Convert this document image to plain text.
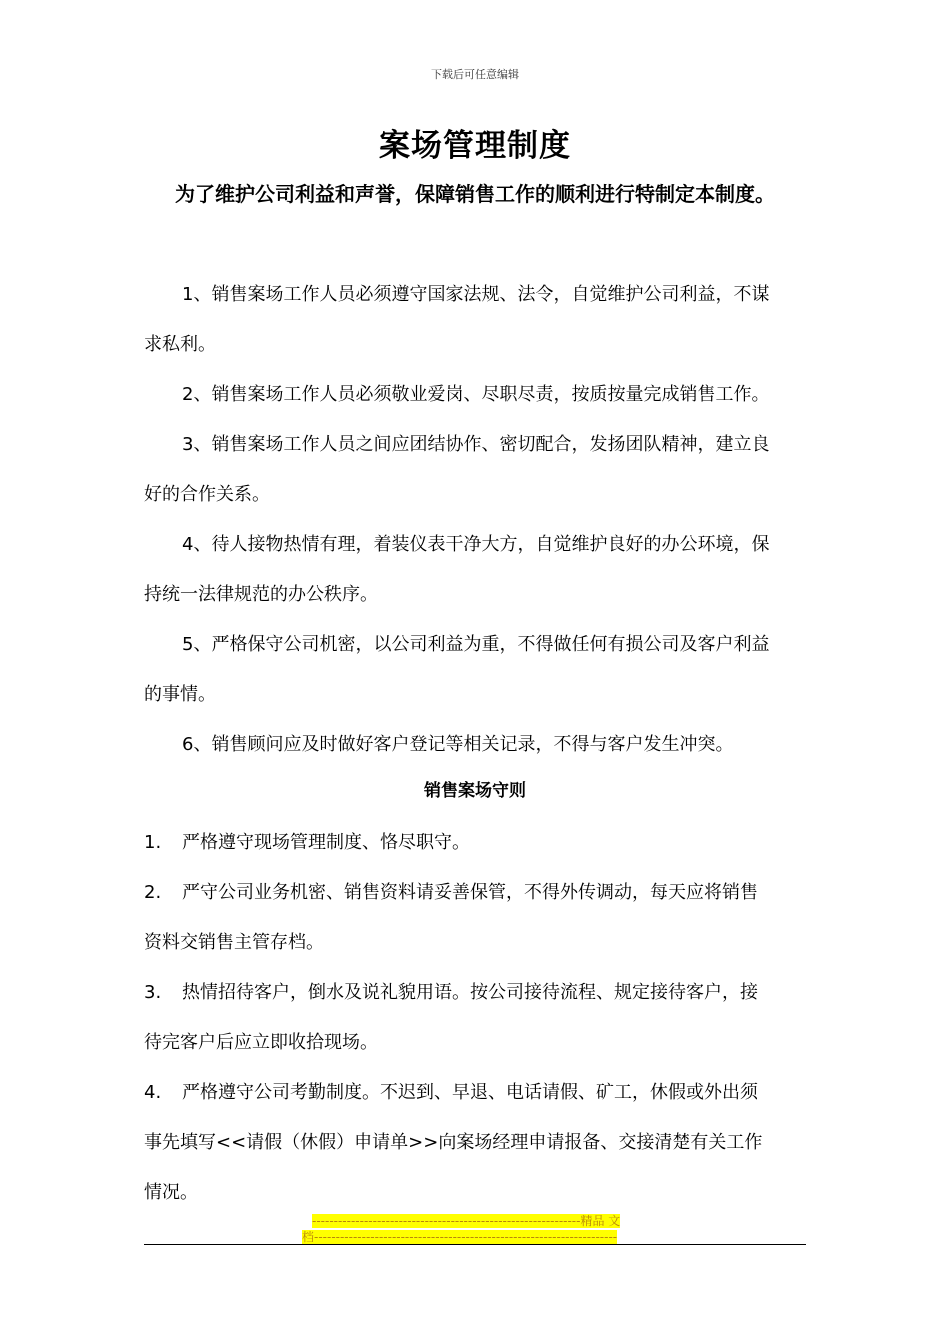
下载后可任意编辑
案场管理制度
为了维护公司利益和声誉，保障销售工作的顺利进行特制定本制度。
1、销售案场工作人员必须遵守国家法规、法令，自觉维护公司利益，不谋
求私利。
2、销售案场工作人员必须敬业爱岗、尽职尽责，按质按量完成销售工作。
3、销售案场工作人员之间应团结协作、密切配合，发扬团队精神，建立良
好的合作关系。
4、待人接物热情有理，着装仪表干净大方，自觉维护良好的办公环境，保
持统一法律规范的办公秩序。
5、严格保守公司机密，以公司利益为重，不得做任何有损公司及客户利益
的事情。
6、销售顾问应及时做好客户登记等相关记录，不得与客户发生冲突。
销售案场守则
1. 严格遵守现场管理制度、恪尽职守。
2. 严守公司业务机密、销售资料请妥善保管，不得外传调动，每天应将销售
资料交销售主管存档。
3. 热情招待客户，倒水及说礼貌用语。按公司接待流程、规定接待客户，接
待完客户后应立即收拾现场。
4. 严格遵守公司考勤制度。不迟到、早退、电话请假、矿工，休假或外出须
事先填写<<请假（休假）申请单>>向案场经理申请报备、交接清楚有关工作
情况。
--------------------------------------------------------------精品 文
档----------------------------------------------------------------------
